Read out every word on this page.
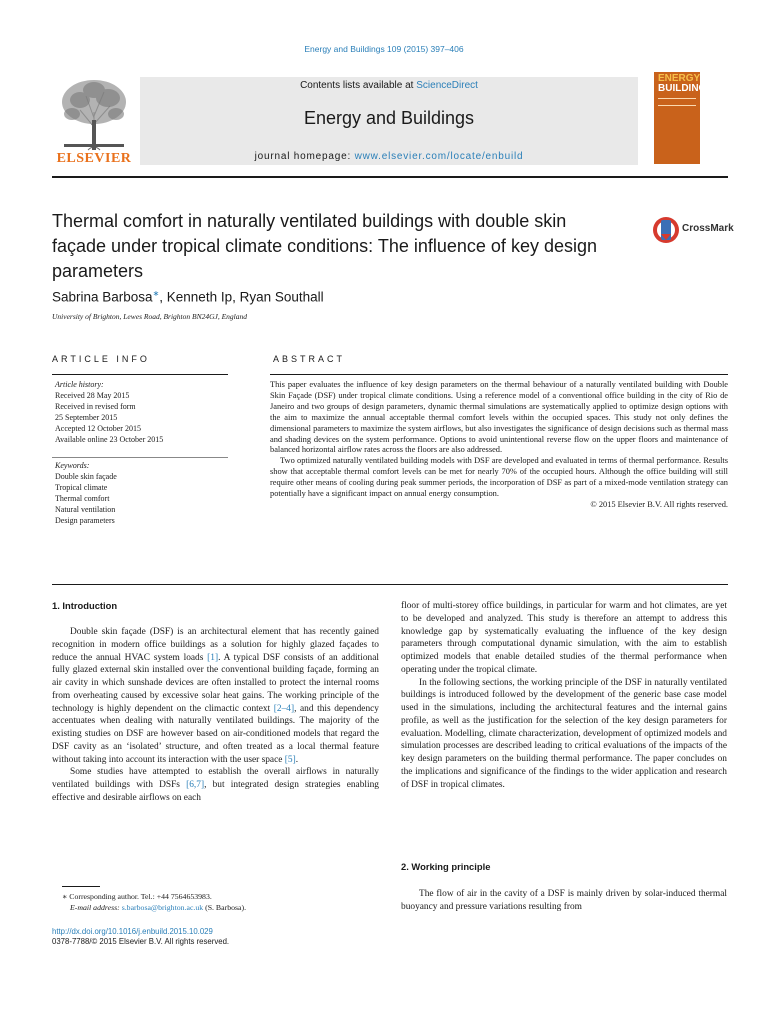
Energy and Buildings 109 (2015) 397–406
ELSEVIER
Contents lists available at ScienceDirect
Energy and Buildings
journal homepage: www.elsevier.com/locate/enbuild
ENERGY
BUILDINGS
Thermal comfort in naturally ventilated buildings with double skin façade under tropical climate conditions: The influence of key design parameters
CrossMark
Sabrina Barbosa∗, Kenneth Ip, Ryan Southall
University of Brighton, Lewes Road, Brighton BN24GJ, England
ARTICLE INFO	ABSTRACT
Article history:
Received 28 May 2015
Received in revised form
25 September 2015
Accepted 12 October 2015
Available online 23 October 2015
Keywords:
Double skin façade
Tropical climate
Thermal comfort
Natural ventilation
Design parameters

This paper evaluates the influence of key design parameters on the thermal behaviour of a naturally ventilated building with Double Skin Façade (DSF) under tropical climate conditions. Using a reference model of a conventional office building in the city of Rio de Janeiro and two groups of design parameters, dynamic thermal simulations are systematically applied to optimize design options with the aim to maximize the annual acceptable thermal comfort levels within the occupied spaces. This study not only defines the dimensional parameters to maximize the system airflows, but also investigates the significance of design decisions such as thermal mass and shading devices on the system performance. Options to avoid unintentional reverse flow on the upper floors and maintenance of balanced horizontal airflow rates across the floors are also addressed.

Two optimized naturally ventilated building models with DSF are developed and evaluated in terms of thermal performance. Results show that acceptable thermal comfort levels can be met for nearly 70% of the occupied hours. Although the office building will still require other means of cooling during peak summer periods, the incorporation of DSF as part of a mixed-mode ventilation strategy can potentially have a significant impact on annual energy consumption.

© 2015 Elsevier B.V. All rights reserved.

1. Introduction

Double skin façade (DSF) is an architectural element that has recently gained recognition in modern office buildings as a solution for highly glazed façades to reduce the annual HVAC system loads [1]. A typical DSF consists of an additional fully glazed external skin installed over the conventional building façade, forming an air cavity in which sunshade devices are often installed to protect the internal rooms from overheating caused by excessive solar heat gains. The working principle of the technology is highly dependent on the climactic context [2–4], and this dependency accentuates when dealing with naturally ventilated buildings. The majority of the existing studies on DSF are however based on air-conditioned models that regard the DSF cavity as an ‘isolated’ structure, and often treated as a local thermal feature without taking into account its interaction with the user space [5].

Some studies have attempted to establish the overall airflows in naturally ventilated buildings with DSFs [6,7], but integrated design strategies enabling effective and desirable airflows on each

floor of multi-storey office buildings, in particular for warm and hot climates, are yet to be developed and analyzed. This study is therefore an attempt to address this knowledge gap by systematically evaluating the influence of the key design parameters through computational dynamic simulation, with the aim to establish optimized models that enable detailed studies of the thermal performance when operating under the tropical climate.

In the following sections, the working principle of the DSF in naturally ventilated buildings is introduced followed by the development of the generic base case model used in the simulations, including the architectural features and the internal gains profile, as well as the justification for the selection of the key design parameters for evaluation. Modelling, climate characterization, development of optimized models and simulation processes are described leading to critical evaluations of the impacts of the key design parameters on the building thermal performance. The paper concludes on the implications and significance of the findings to the wider application and research of DSF in tropical climates.

2. Working principle

The flow of air in the cavity of a DSF is mainly driven by solar-induced thermal buoyancy and pressure variations resulting from

∗ Corresponding author. Tel.: +44 7564653983.
E-mail address: s.barbosa@brighton.ac.uk (S. Barbosa).
http://dx.doi.org/10.1016/j.enbuild.2015.10.029
0378-7788/© 2015 Elsevier B.V. All rights reserved.
